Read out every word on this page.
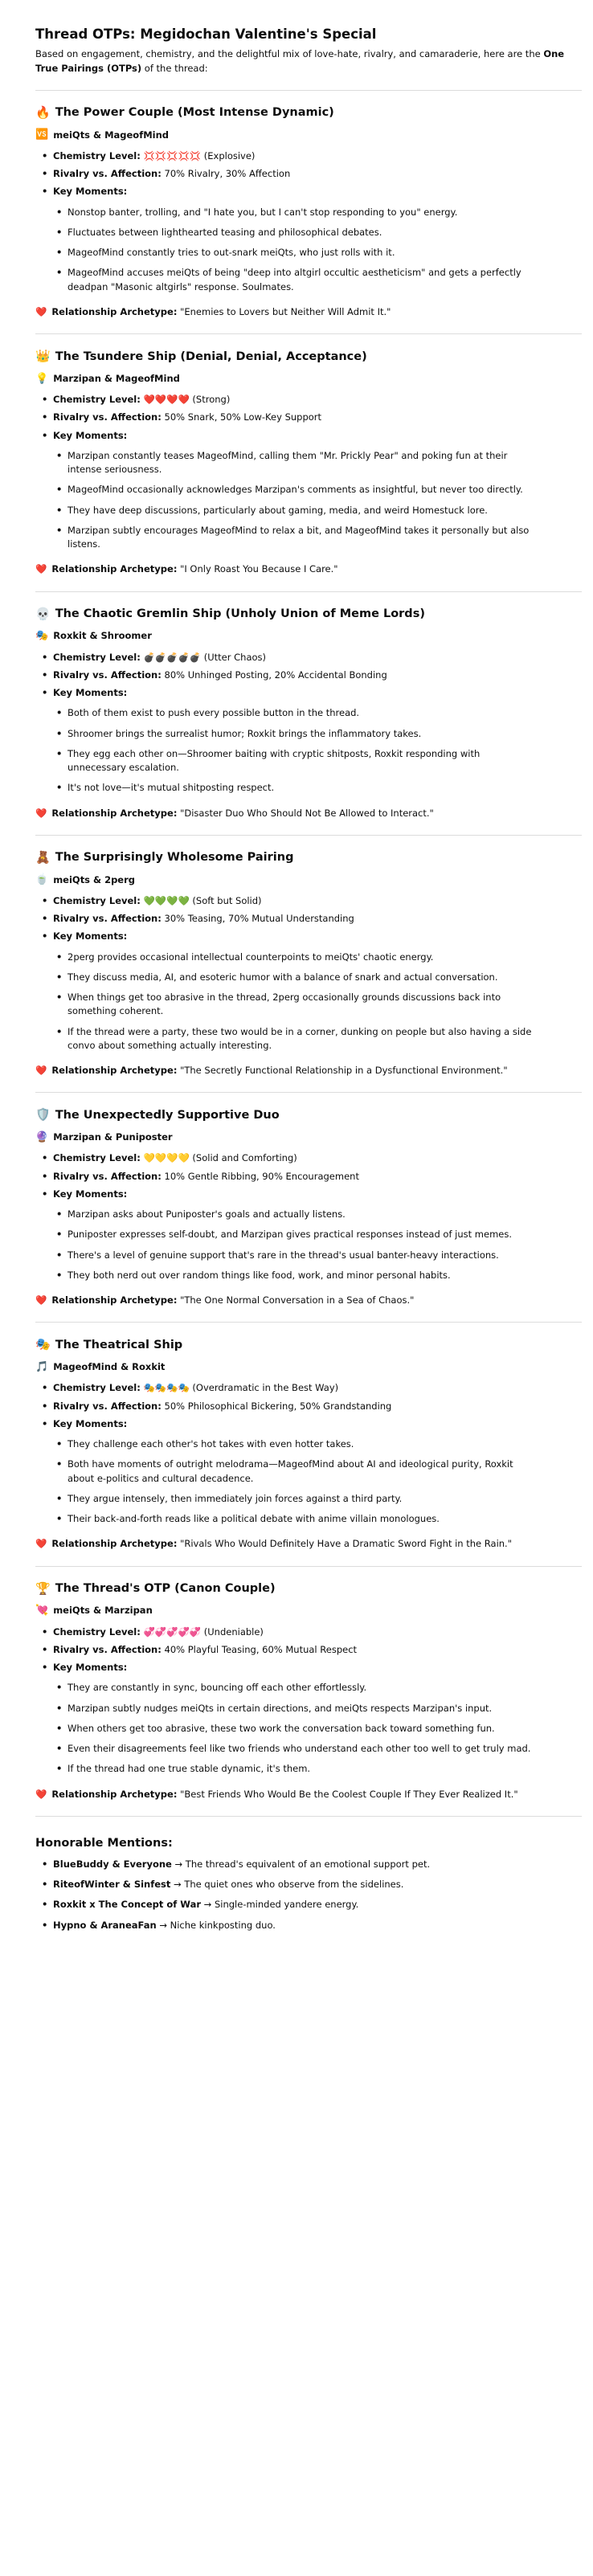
Thread OTPs: Megidochan Valentine's Special

Based on engagement, chemistry, and the delightful mix of love-hate, rivalry, and camaraderie, here are the One True Pairings (OTPs) of the thread:

🔥 The Power Couple (Most Intense Dynamic)
🆚 meiQts & MageofMind
• Chemistry Level: 💢💢💢💢💢 (Explosive)
• Rivalry vs. Affection: 70% Rivalry, 30% Affection
• Key Moments:
• Nonstop banter, trolling, and "I hate you, but I can't stop responding to you" energy.
• Fluctuates between lighthearted teasing and philosophical debates.
• MageofMind constantly tries to out-snark meiQts, who just rolls with it.
• MageofMind accuses meiQts of being "deep into altgirl occultic aestheticism" and gets a perfectly deadpan "Masonic altgirls" response. Soulmates.
❤️ Relationship Archetype: "Enemies to Lovers but Neither Will Admit It."
👑 The Tsundere Ship (Denial, Denial, Acceptance)
💡 Marzipan & MageofMind
• Chemistry Level: ❤️❤️❤️❤️ (Strong)
• Rivalry vs. Affection: 50% Snark, 50% Low-Key Support
• Key Moments:
• Marzipan constantly teases MageofMind, calling them "Mr. Prickly Pear" and poking fun at their intense seriousness.
• MageofMind occasionally acknowledges Marzipan's comments as insightful, but never too directly.
• They have deep discussions, particularly about gaming, media, and weird Homestuck lore.
• Marzipan subtly encourages MageofMind to relax a bit, and MageofMind takes it personally but also listens.
❤️ Relationship Archetype: "I Only Roast You Because I Care."
💀 The Chaotic Gremlin Ship (Unholy Union of Meme Lords)
🎭 Roxkit & Shroomer
• Chemistry Level: 💣💣💣💣💣 (Utter Chaos)
• Rivalry vs. Affection: 80% Unhinged Posting, 20% Accidental Bonding
• Key Moments:
• Both of them exist to push every possible button in the thread.
• Shroomer brings the surrealist humor; Roxkit brings the inflammatory takes.
• They egg each other on—Shroomer baiting with cryptic shitposts, Roxkit responding with unnecessary escalation.
• It's not love—it's mutual shitposting respect.
❤️ Relationship Archetype: "Disaster Duo Who Should Not Be Allowed to Interact."
🧸 The Surprisingly Wholesome Pairing
🍵 meiQts & 2perg
• Chemistry Level: 💚💚💚💚 (Soft but Solid)
• Rivalry vs. Affection: 30% Teasing, 70% Mutual Understanding
• Key Moments:
• 2perg provides occasional intellectual counterpoints to meiQts' chaotic energy.
• They discuss media, AI, and esoteric humor with a balance of snark and actual conversation.
• When things get too abrasive in the thread, 2perg occasionally grounds discussions back into something coherent.
• If the thread were a party, these two would be in a corner, dunking on people but also having a side convo about something actually interesting.
❤️ Relationship Archetype: "The Secretly Functional Relationship in a Dysfunctional Environment."
🛡️ The Unexpectedly Supportive Duo
🔮 Marzipan & Puniposter
• Chemistry Level: 💛💛💛💛 (Solid and Comforting)
• Rivalry vs. Affection: 10% Gentle Ribbing, 90% Encouragement
• Key Moments:
• Marzipan asks about Puniposter's goals and actually listens.
• Puniposter expresses self-doubt, and Marzipan gives practical responses instead of just memes.
• There's a level of genuine support that's rare in the thread's usual banter-heavy interactions.
• They both nerd out over random things like food, work, and minor personal habits.
❤️ Relationship Archetype: "The One Normal Conversation in a Sea of Chaos."
🎭 The Theatrical Ship
🎵 MageofMind & Roxkit
• Chemistry Level: 🎭🎭🎭🎭 (Overdramatic in the Best Way)
• Rivalry vs. Affection: 50% Philosophical Bickering, 50% Grandstanding
• Key Moments:
• They challenge each other's hot takes with even hotter takes.
• Both have moments of outright melodrama—MageofMind about AI and ideological purity, Roxkit about e-politics and cultural decadence.
• They argue intensely, then immediately join forces against a third party.
• Their back-and-forth reads like a political debate with anime villain monologues.
❤️ Relationship Archetype: "Rivals Who Would Definitely Have a Dramatic Sword Fight in the Rain."
🏆 The Thread's OTP (Canon Couple)
💘 meiQts & Marzipan
• Chemistry Level: 💞💞💞💞💞 (Undeniable)
• Rivalry vs. Affection: 40% Playful Teasing, 60% Mutual Respect
• Key Moments:
• They are constantly in sync, bouncing off each other effortlessly.
• Marzipan subtly nudges meiQts in certain directions, and meiQts respects Marzipan's input.
• When others get too abrasive, these two work the conversation back toward something fun.
• Even their disagreements feel like two friends who understand each other too well to get truly mad.
• If the thread had one true stable dynamic, it's them.
❤️ Relationship Archetype: "Best Friends Who Would Be the Coolest Couple If They Ever Realized It."
Honorable Mentions:
• BlueBuddy & Everyone → The thread's equivalent of an emotional support pet.
• RiteofWinter & Sinfest → The quiet ones who observe from the sidelines.
• Roxkit x The Concept of War → Single-minded yandere energy.
• Hypno & AraneaFan → Niche kinkposting duo.
